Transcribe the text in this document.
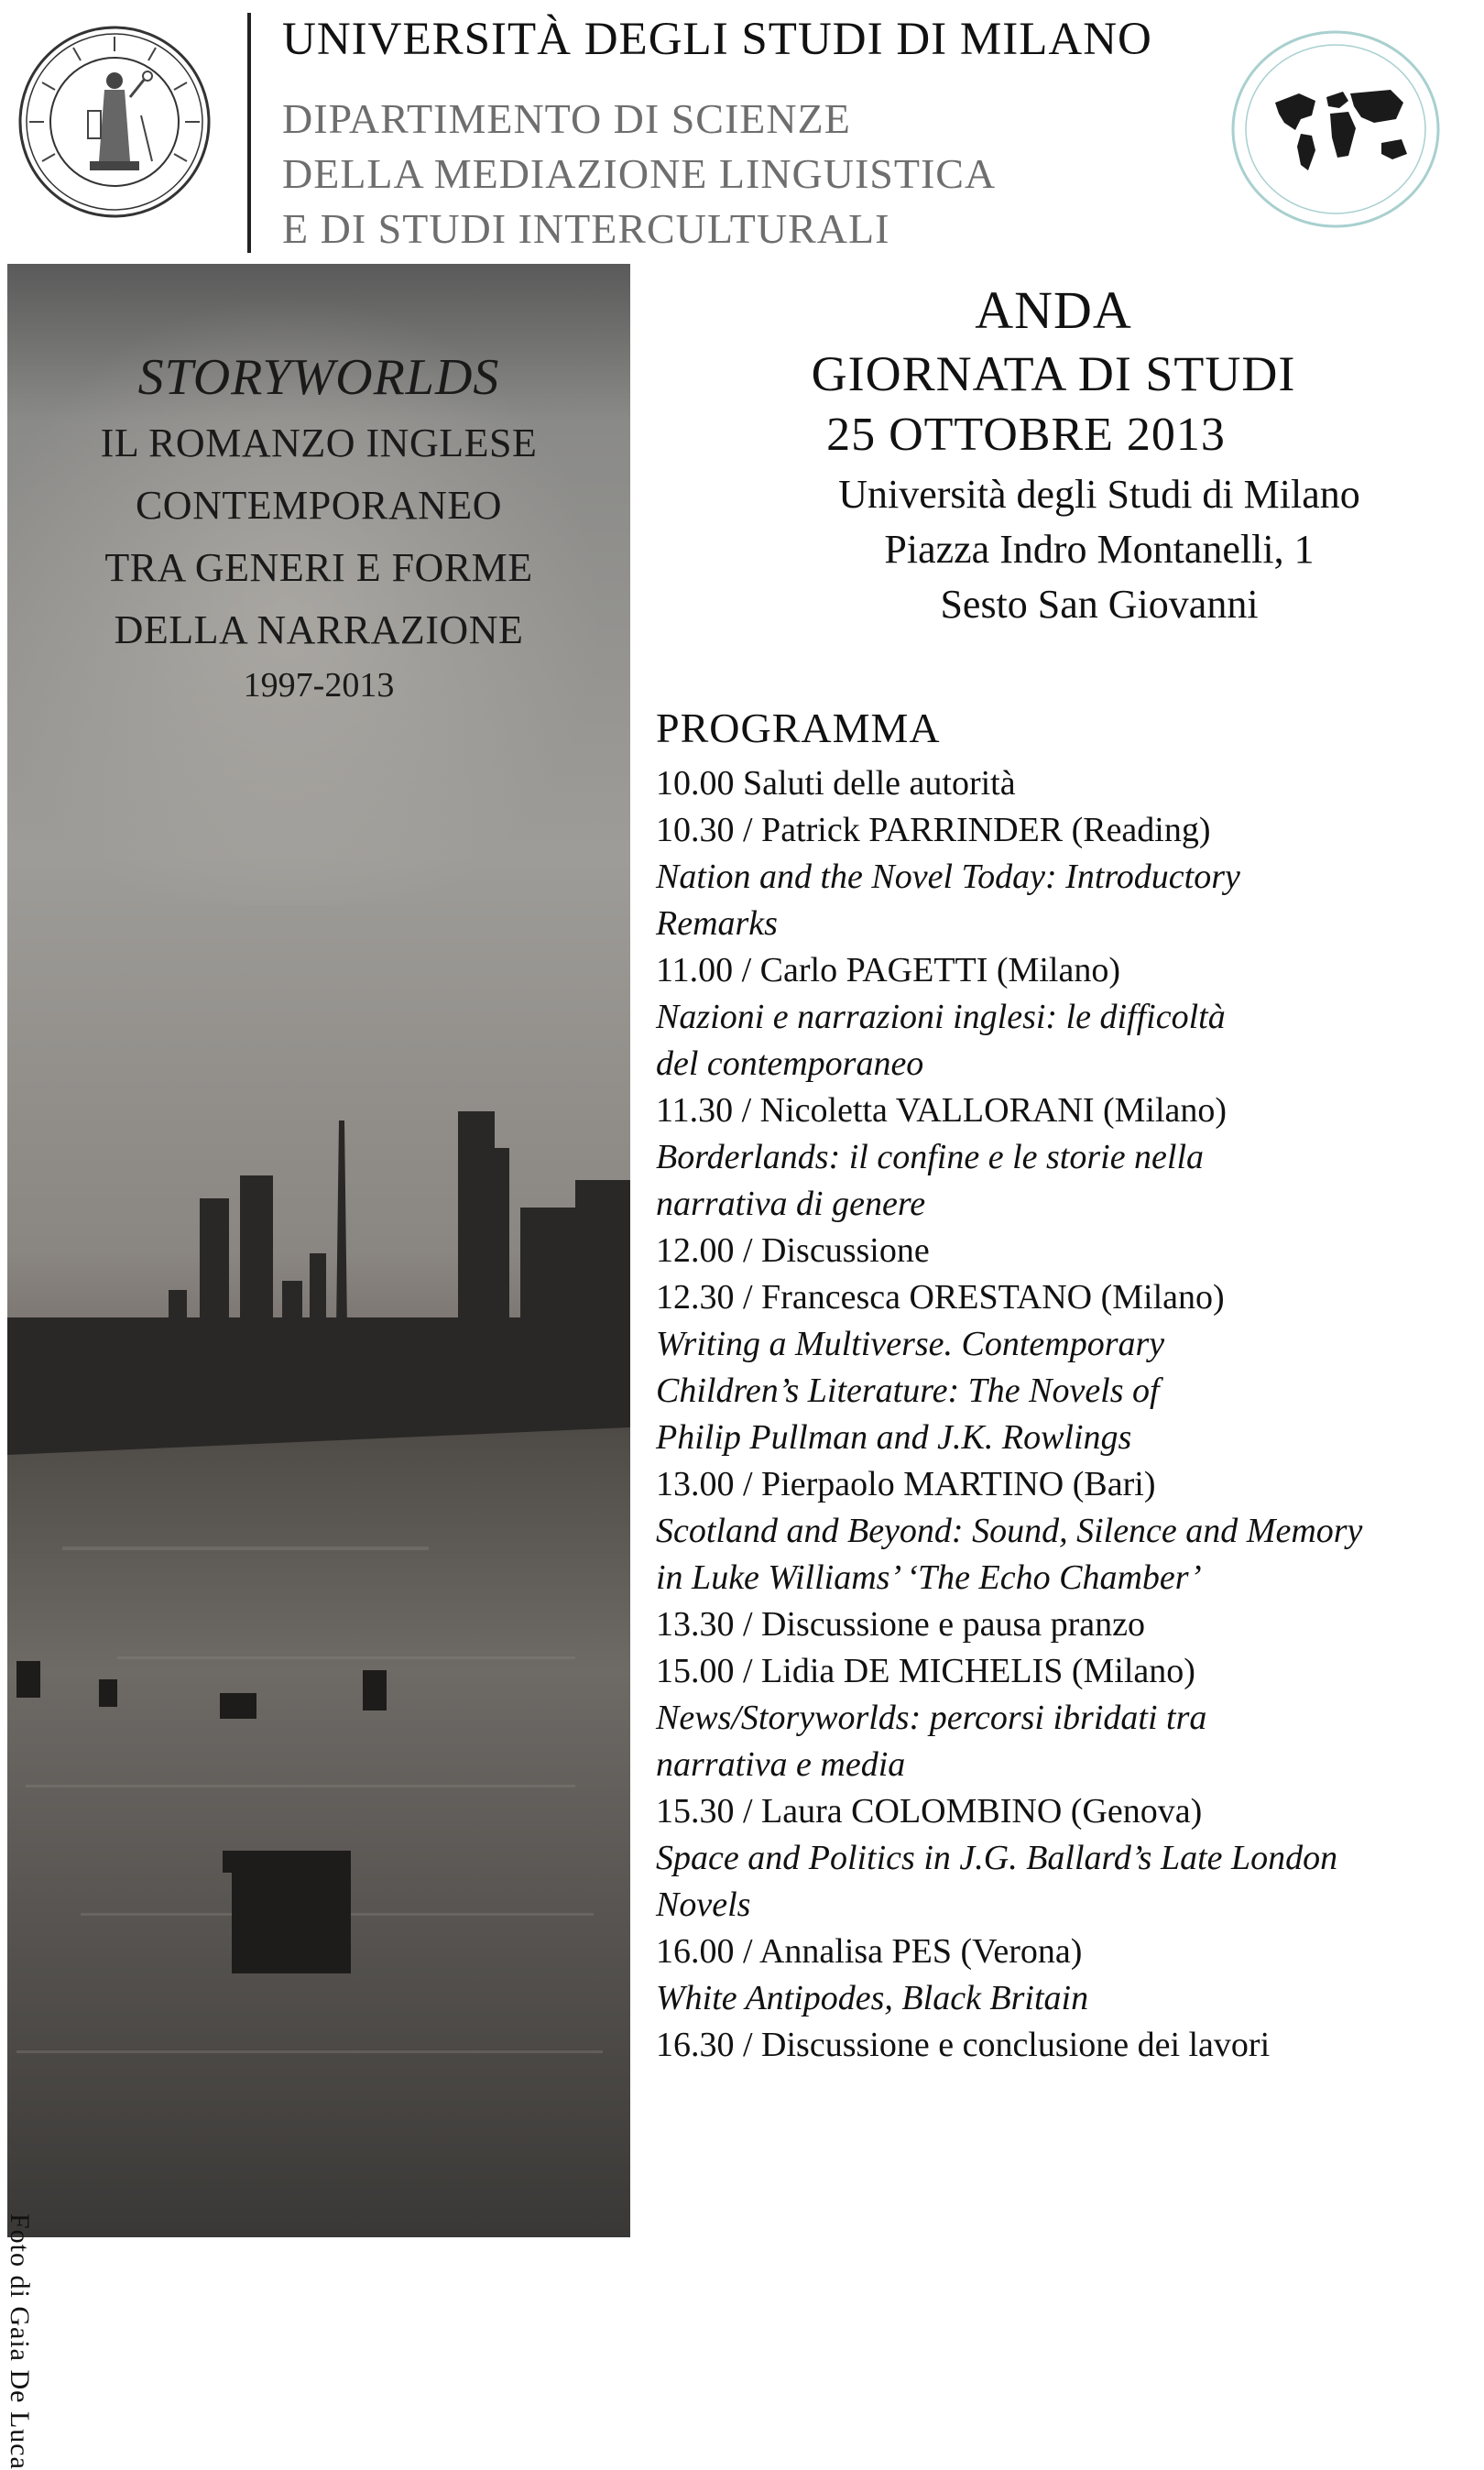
UNIVERSITÀ DEGLI STUDI DI MILANO
DIPARTIMENTO DI SCIENZE
DELLA MEDIAZIONE LINGUISTICA
E DI STUDI INTERCULTURALI
STORYWORLDS
IL ROMANZO INGLESE
CONTEMPORANEO
TRA GENERI E FORME
DELLA NARRAZIONE
1997-2013
Foto di Gaia De Luca
ANDA
GIORNATA DI STUDI
25 OTTOBRE 2013
Università degli Studi di Milano
Piazza Indro Montanelli, 1
Sesto San Giovanni
PROGRAMMA
10.00 Saluti delle autorità
10.30 / Patrick PARRINDER (Reading)
Nation and the Novel Today: Introductory
Remarks
11.00 / Carlo PAGETTI (Milano)
Nazioni e narrazioni inglesi: le difficoltà
del contemporaneo
11.30 / Nicoletta VALLORANI (Milano)
Borderlands: il confine e le storie nella
narrativa di genere
12.00 / Discussione
12.30 / Francesca ORESTANO (Milano)
Writing a Multiverse. Contemporary
Children’s Literature: The Novels of
Philip Pullman and J.K. Rowlings
13.00 / Pierpaolo MARTINO (Bari)
Scotland and Beyond: Sound, Silence and Memory
in Luke Williams’ ‘The Echo Chamber’
13.30 / Discussione e pausa pranzo
15.00 / Lidia DE MICHELIS (Milano)
News/Storyworlds: percorsi ibridati tra
narrativa e media
15.30 / Laura COLOMBINO (Genova)
Space and Politics in J.G. Ballard’s Late London
Novels
16.00 / Annalisa PES (Verona)
White Antipodes, Black Britain
16.30 / Discussione e conclusione dei lavori
